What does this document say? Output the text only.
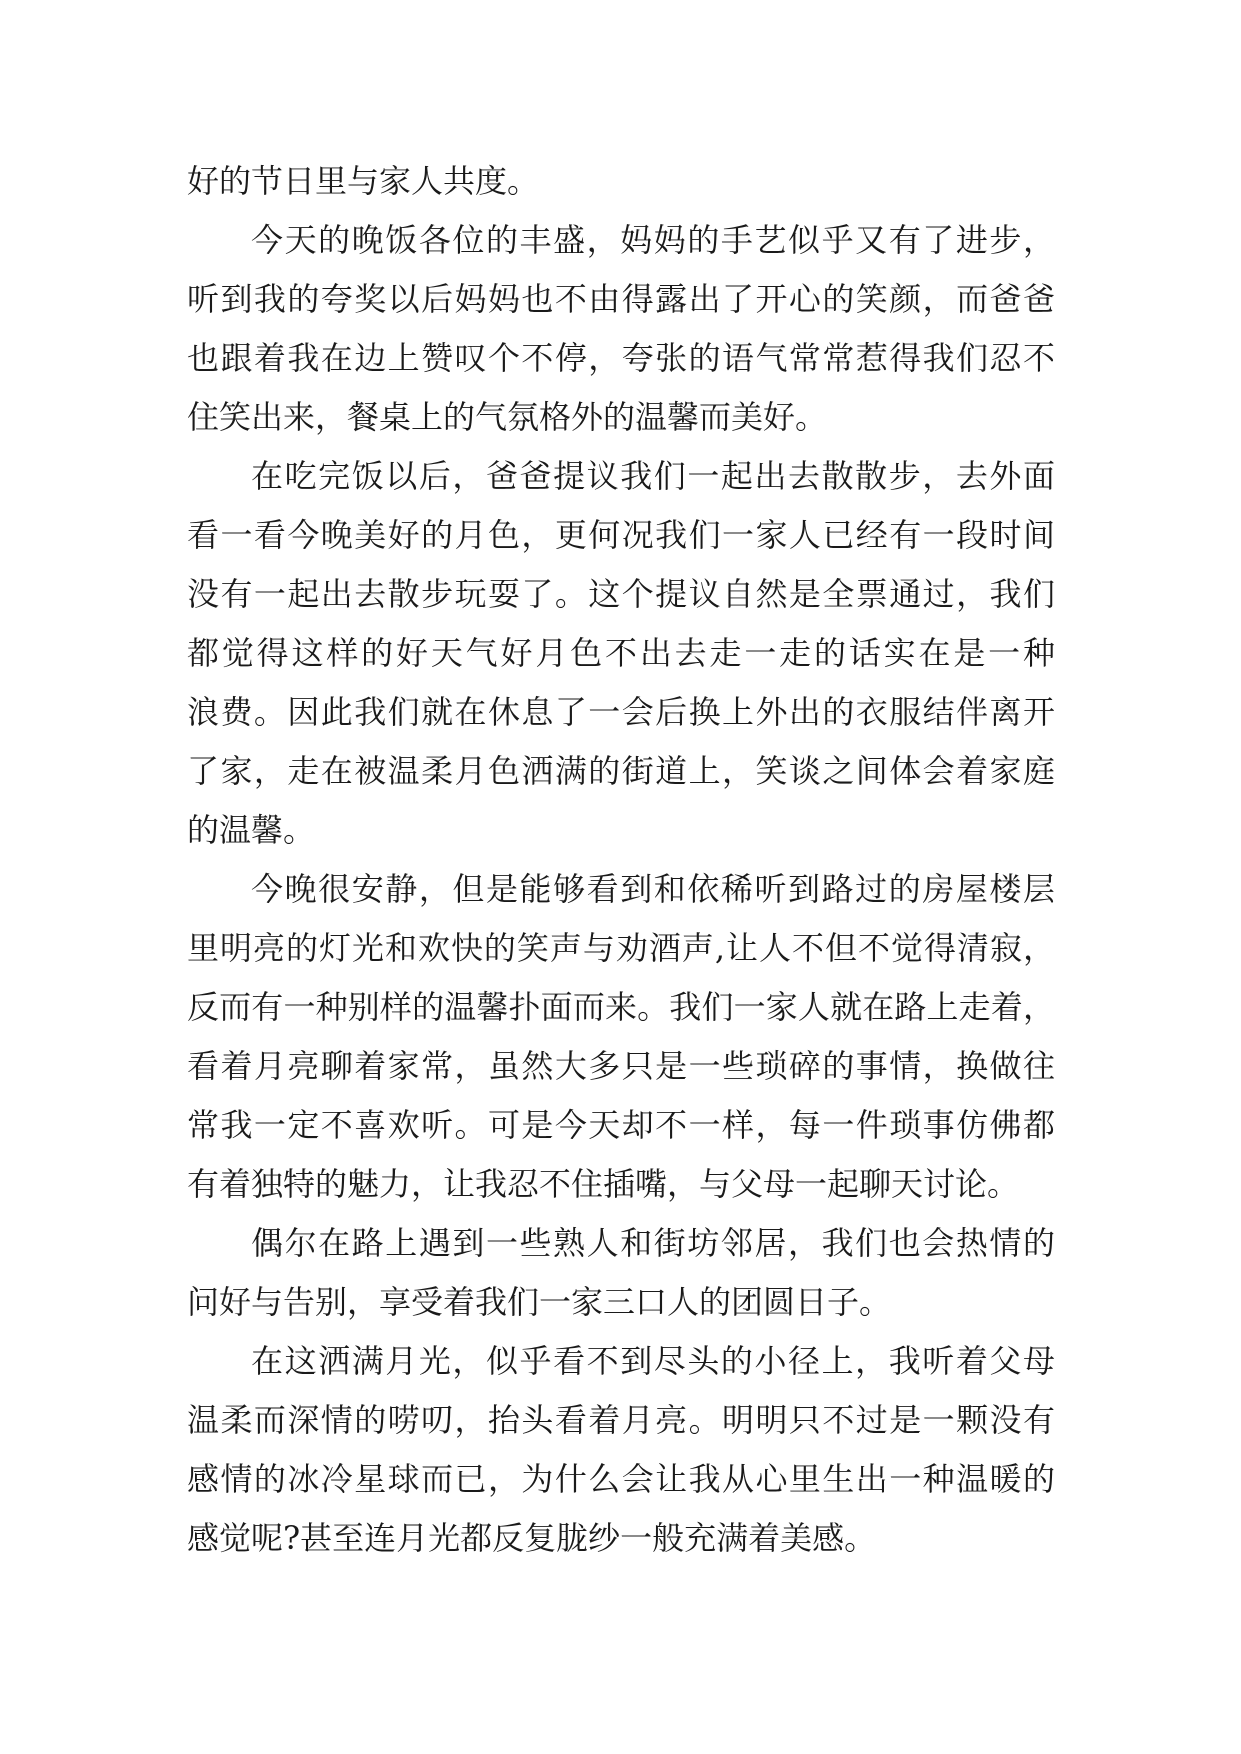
好的节日里与家人共度。
今天的晚饭各位的丰盛，妈妈的手艺似乎又有了进步，
听到我的夸奖以后妈妈也不由得露出了开心的笑颜，而爸爸
也跟着我在边上赞叹个不停，夸张的语气常常惹得我们忍不
住笑出来，餐桌上的气氛格外的温馨而美好。
在吃完饭以后，爸爸提议我们一起出去散散步，去外面
看一看今晚美好的月色，更何况我们一家人已经有一段时间
没有一起出去散步玩耍了。这个提议自然是全票通过，我们
都觉得这样的好天气好月色不出去走一走的话实在是一种
浪费。因此我们就在休息了一会后换上外出的衣服结伴离开
了家，走在被温柔月色洒满的街道上，笑谈之间体会着家庭
的温馨。
今晚很安静，但是能够看到和依稀听到路过的房屋楼层
里明亮的灯光和欢快的笑声与劝酒声,让人不但不觉得清寂，
反而有一种别样的温馨扑面而来。我们一家人就在路上走着，
看着月亮聊着家常，虽然大多只是一些琐碎的事情，换做往
常我一定不喜欢听。可是今天却不一样，每一件琐事仿佛都
有着独特的魅力，让我忍不住插嘴，与父母一起聊天讨论。
偶尔在路上遇到一些熟人和街坊邻居，我们也会热情的
问好与告别，享受着我们一家三口人的团圆日子。
在这洒满月光，似乎看不到尽头的小径上，我听着父母
温柔而深情的唠叨，抬头看着月亮。明明只不过是一颗没有
感情的冰冷星球而已，为什么会让我从心里生出一种温暖的
感觉呢?甚至连月光都反复胧纱一般充满着美感。
